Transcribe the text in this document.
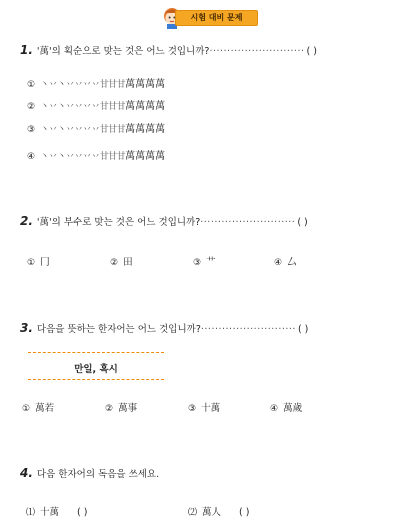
시험 대비 문제
1. '萬'의 획순으로 맞는 것은 어느 것입니까?··························· ( )
① 丶丷丶丷丷丷丷甘甘甘萬萬萬萬
② 丶丷丶丷丷丷丷甘甘甘萬萬萬萬
③ 丶丷丶丷丷丷丷甘甘甘萬萬萬萬
④ 丶丷丶丷丷丷丷甘甘甘萬萬萬萬
2. '萬'의 부수로 맞는 것은 어느 것입니까?··························· ( )
① 冂	② 田	③ 艹	④ 厶
3. 다음을 뜻하는 한자어는 어느 것입니까?··························· ( )
만일, 혹시
① 萬若	② 萬事	③ 十萬	④ 萬歲
4. 다음 한자어의 독음을 쓰세요.
⑴ 十萬 ( )	⑵ 萬人 ( )
